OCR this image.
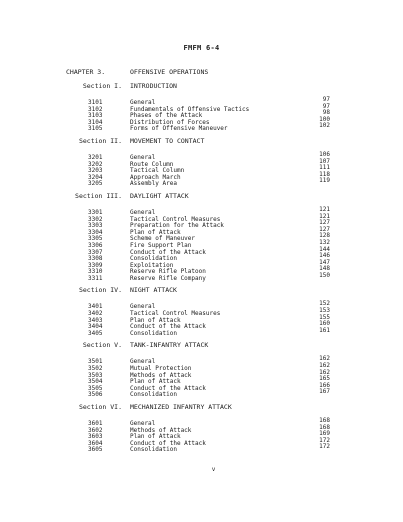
FMFM 6-4
CHAPTER 3.	OFFENSIVE OPERATIONS
Section I. INTRODUCTION
3101	General	97
3102	Fundamentals of Offensive Tactics	97
3103	Phases of the Attack	98
3104	Distribution of Forces	100
3105	Forms of Offensive Maneuver	102
Section II. MOVEMENT TO CONTACT
3201	General	106
3202	Route Column	107
3203	Tactical Column	111
3204	Approach March	118
3205	Assembly Area	119
Section III. DAYLIGHT ATTACK
3301	General	121
3302	Tactical Control Measures	121
3303	Preparation for the Attack	127
3304	Plan of Attack	127
3305	Scheme of Maneuver	128
3306	Fire Support Plan	132
3307	Conduct of the Attack	144
3308	Consolidation	146
3309	Exploitation	147
3310	Reserve Rifle Platoon	148
3311	Reserve Rifle Company	150
Section IV. NIGHT ATTACK
3401	General	152
3402	Tactical Control Measures	153
3403	Plan of Attack	155
3404	Conduct of the Attack	160
3405	Consolidation	161
Section V. TANK-INFANTRY ATTACK
3501	General	162
3502	Mutual Protection	162
3503	Methods of Attack	162
3504	Plan of Attack	165
3505	Conduct of the Attack	166
3506	Consolidation	167
Section VI. MECHANIZED INFANTRY ATTACK
3601	General	168
3602	Methods of Attack	168
3603	Plan of Attack	169
3604	Conduct of the Attack	172
3605	Consolidation	172
v
